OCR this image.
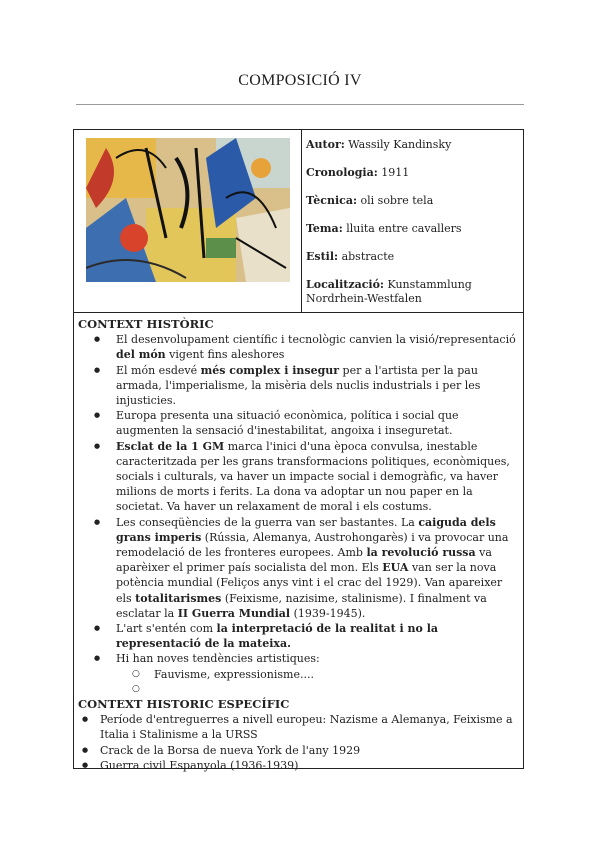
COMPOSICIÓ IV

Autor: Wassily Kandinsky

Cronologia: 1911

Tècnica: oli sobre tela

Tema: lluita entre cavallers

Estil: abstracte

Localització: Kunstammlung Nordrhein-Westfalen

CONTEXT HISTÒRIC

● El desenvolupament científic i tecnològic canvien la visió/representació del món vigent fins aleshores
● El món esdevé més complex i insegur per a l'artista per la pau armada, l'imperialisme, la misèria dels nuclis industrials i per les injusticies.
● Europa presenta una situació econòmica, política i social que augmenten la sensació d'inestabilitat, angoixa i inseguretat.
● Esclat de la 1 GM marca l'inici d'una època convulsa, inestable caracteritzada per les grans transformacions politiques, econòmiques, socials i culturals, va haver un impacte social i demogràfic, va haver milions de morts i ferits. La dona va adoptar un nou paper en la societat. Va haver un relaxament de moral i els costums.
● Les conseqüències de la guerra van ser bastantes. La caiguda dels grans imperis (Rússia, Alemanya, Austrohongarès) i va provocar una remodelació de les fronteres europees. Amb la revolució russa va aparèixer el primer país socialista del mon. Els EUA van ser la nova potència mundial (Feliços anys vint i el crac del 1929). Van apareixer els totalitarismes (Feixisme, nazisime, stalinisme). I finalment va esclatar la II Guerra Mundial (1939-1945).
● L'art s'entén com la interpretació de la realitat i no la representació de la mateixa.
● Hi han noves tendències artistiques:
○ Fauvisme, expressionisme....
○

CONTEXT HISTORIC ESPECÍFIC

● Període d'entreguerres a nivell europeu: Nazisme a Alemanya, Feixisme a Italia i Stalinisme a la URSS
● Crack de la Borsa de nueva York de l'any 1929
● Guerra civil Espanyola (1936-1939)
